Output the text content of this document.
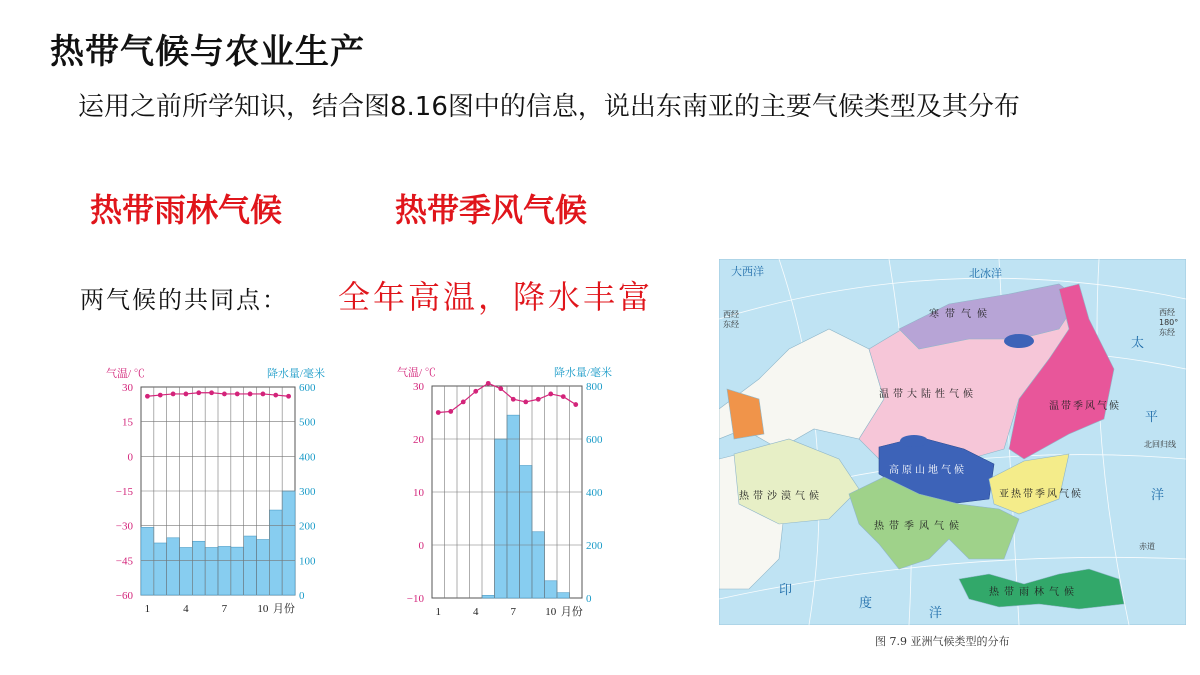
热带气候与农业生产
运用之前所学知识，结合图8.16图中的信息，说出东南亚的主要气候类型及其分布
热带雨林气候	热带季风气候
两气候的共同点： 全年高温，降水丰富
30
15
0
−15
−30
−45
−60
600
500
400
300
200
100
0
气温/ ℃	降水量/毫米
1	4	7	10 月份
30
20
10
0
−10
800
600
400
200
0
气温/ ℃	降水量/毫米
1	4	7	10 月份
大西洋	北冰洋
太
平
洋
印
度
洋
寒带气候
温带大陆性气候
温带季风气候
高原山地气候
亚热带季风气候
热带沙漠气候
热带季风气候
热带雨林气候
西经
东经
西经
180°
东经
北回归线
赤道
图 7.9 亚洲气候类型的分布
